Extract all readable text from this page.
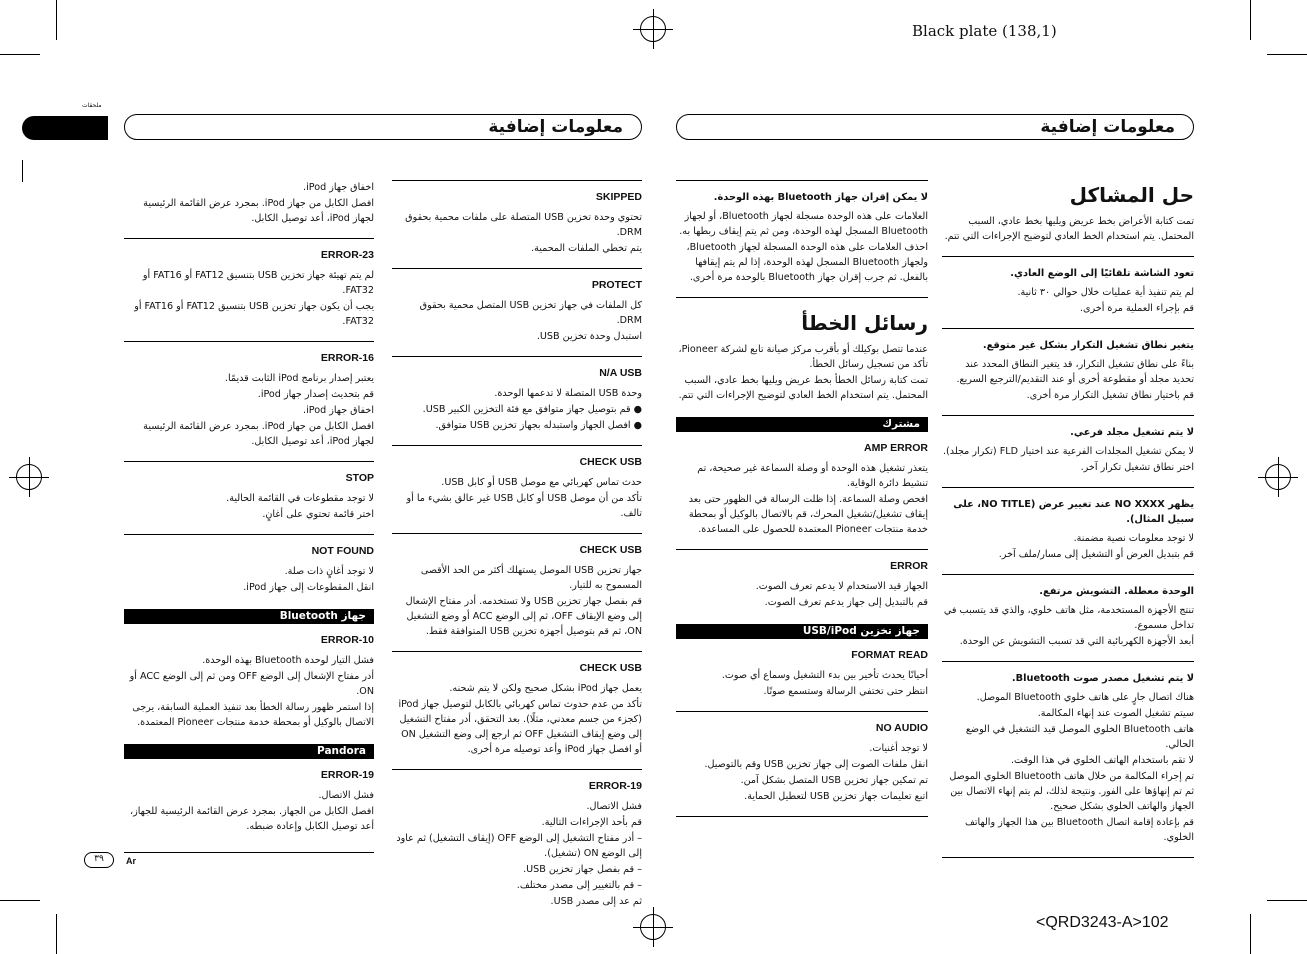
Black plate (138,1)
<QRD3243-A>102
ملحقات
معلومات إضافية	معلومات إضافية
اخفاق جهاز iPod.
افصل الكابل من جهاز iPod. بمجرد عرض القائمة الرئيسية لجهاز iPod، أعد توصيل الكابل.
ERROR-23
لم يتم تهيئة جهاز تخزين USB بتنسيق FAT12 أو FAT16 أو FAT32.
يجب أن يكون جهاز تخزين USB بتنسيق FAT12 أو FAT16 أو FAT32.
ERROR-16
يعتبر إصدار برنامج iPod الثابت قديمًا.
قم بتحديث إصدار جهاز iPod.
اخفاق جهاز iPod.
افصل الكابل من جهاز iPod. بمجرد عرض القائمة الرئيسية لجهاز iPod، أعد توصيل الكابل.
STOP
لا توجد مقطوعات في القائمة الحالية.
اختر قائمة تحتوي على أغانٍ.
NOT FOUND
لا توجد أغانٍ ذات صلة.
انقل المقطوعات إلى جهاز iPod.
جهاز Bluetooth
ERROR-10
فشل التيار لوحدة Bluetooth بهذه الوحدة.
أدر مفتاح الإشعال إلى الوضع OFF ومن ثم إلى الوضع ACC أو ON.
إذا استمر ظهور رسالة الخطأ بعد تنفيذ العملية السابقة، يرجى الاتصال بالوكيل أو بمحطة خدمة منتجات Pioneer المعتمدة.
Pandora
ERROR-19
فشل الاتصال.
افصل الكابل من الجهاز. بمجرد عرض القائمة الرئيسية للجهاز، أعد توصيل الكابل وإعادة ضبطه.
SKIPPED
تحتوي وحدة تخزين USB المتصلة على ملفات محمية بحقوق DRM.
يتم تخطي الملفات المحمية.
PROTECT
كل الملفات في جهاز تخزين USB المتصل محمية بحقوق DRM.
استبدل وحدة تخزين USB.
N/A USB
وحدة USB المتصلة لا تدعمها الوحدة.
● قم بتوصيل جهاز متوافق مع فئة التخزين الكبير USB.
● افصل الجهاز واستبدله بجهاز تخزين USB متوافق.
CHECK USB
حدث تماس كهربائي مع موصل USB أو كابل USB.
تأكد من أن موصل USB أو كابل USB غير عالق بشيء ما أو تالف.
CHECK USB
جهاز تخزين USB الموصل يستهلك أكثر من الحد الأقصى المسموح به للتيار.
قم بفصل جهاز تخزين USB ولا تستخدمه. أدر مفتاح الإشعال إلى وضع الإيقاف OFF، ثم إلى الوضع ACC أو وضع التشغيل ON، ثم قم بتوصيل أجهزة تخزين USB المتوافقة فقط.
CHECK USB
يعمل جهاز iPod بشكل صحيح ولكن لا يتم شحنه.
تأكد من عدم حدوث تماس كهربائي بالكابل لتوصيل جهاز iPod (كجزء من جسم معدني، مثلًا). بعد التحقق، أدر مفتاح التشغيل إلى وضع إيقاف التشغيل OFF ثم ارجع إلى وضع التشغيل ON أو افصل جهاز iPod وأعد توصيله مرة أخرى.
ERROR-19
فشل الاتصال.
قم بأحد الإجراءات التالية.
– أدر مفتاح التشغيل إلى الوضع OFF (إيقاف التشغيل) ثم عاود إلى الوضع ON (تشغيل).
– قم بفصل جهاز تخزين USB.
– قم بالتغيير إلى مصدر مختلف.
ثم عد إلى مصدر USB.
لا يمكن إقران جهاز Bluetooth بهذه الوحدة.
العلامات على هذه الوحدة مسجلة لجهاز Bluetooth، أو لجهاز Bluetooth المسجل لهذه الوحدة، ومن ثم يتم إيقاف ربطها به.
احذف العلامات على هذه الوحدة المسجلة لجهاز Bluetooth، ولجهاز Bluetooth المسجل لهذه الوحدة، إذا لم يتم إيقافها بالفعل. ثم جرب إقران جهاز Bluetooth بالوحدة مرة أخرى.
رسائل الخطأ
عندما تتصل بوكيلك أو بأقرب مركز صيانة تابع لشركة Pioneer، تأكد من تسجيل رسائل الخطأ.
تمت كتابة رسائل الخطأ بخط عريض ويليها بخط عادي، السبب المحتمل. يتم استخدام الخط العادي لتوضيح الإجراءات التي تتم.
مشترك
AMP ERROR
يتعذر تشغيل هذه الوحدة أو وصلة السماعة غير صحيحة، تم تنشيط دائرة الوقاية.
افحص وصلة السماعة. إذا ظلت الرسالة في الظهور حتى بعد إيقاف تشغيل/تشغيل المحرك، قم بالاتصال بالوكيل أو بمحطة خدمة منتجات Pioneer المعتمدة للحصول على المساعدة.
ERROR
الجهاز قيد الاستخدام لا يدعم تعرف الصوت.
قم بالتبديل إلى جهاز يدعم تعرف الصوت.
جهاز تخزين USB/iPod
FORMAT READ
أحيانًا يحدث تأخير بين بدء التشغيل وسماع أي صوت.
انتظر حتى تختفي الرسالة وستسمع صوتًا.
NO AUDIO
لا توجد أغنيات.
انقل ملفات الصوت إلى جهاز تخزين USB وقم بالتوصيل.
تم تمكين جهاز تخزين USB المتصل بشكل آمن.
اتبع تعليمات جهاز تخزين USB لتعطيل الحماية.
حل المشاكل
تمت كتابة الأعراض بخط عريض ويليها بخط عادي، السبب المحتمل. يتم استخدام الخط العادي لتوضيح الإجراءات التي تتم.
تعود الشاشة تلقائيًا إلى الوضع العادي.
لم يتم تنفيذ أية عمليات خلال حوالي ٣٠ ثانية.
قم بإجراء العملية مرة أخرى.
يتغير نطاق تشغيل التكرار بشكل غير متوقع.
بناءً على نطاق تشغيل التكرار، قد يتغير النطاق المحدد عند تحديد مجلد أو مقطوعة أخرى أو عند التقديم/الترجيع السريع.
قم باختيار نطاق تشغيل التكرار مرة أخرى.
لا يتم تشغيل مجلد فرعي.
لا يمكن تشغيل المجلدات الفرعية عند اختيار FLD (تكرار مجلد).
اختر نطاق تشغيل تكرار آخر.
يظهر NO XXXX عند تغيير عرض (NO TITLE، على سبيل المثال).
لا توجد معلومات نصية مضمنة.
قم بتبديل العرض أو التشغيل إلى مسار/ملف آخر.
الوحدة معطلة. التشويش مرتفع.
تنتج الأجهزة المستخدمة، مثل هاتف خلوي، والذي قد يتسبب في تداخل مسموع.
أبعد الأجهزة الكهربائية التي قد تسبب التشويش عن الوحدة.
لا يتم تشغيل مصدر صوت Bluetooth.
هناك اتصال جارٍ على هاتف خلوي Bluetooth الموصل.
سيتم تشغيل الصوت عند إنهاء المكالمة.
هاتف Bluetooth الخلوي الموصل قيد التشغيل في الوضع الحالي.
لا تقم باستخدام الهاتف الخلوي في هذا الوقت.
تم إجراء المكالمة من خلال هاتف Bluetooth الخلوي الموصل ثم تم إنهاؤها على الفور. ونتيجة لذلك، لم يتم إنهاء الاتصال بين الجهاز والهاتف الخلوي بشكل صحيح.
قم بإعادة إقامة اتصال Bluetooth بين هذا الجهاز والهاتف الخلوي.
٣٩	Ar
